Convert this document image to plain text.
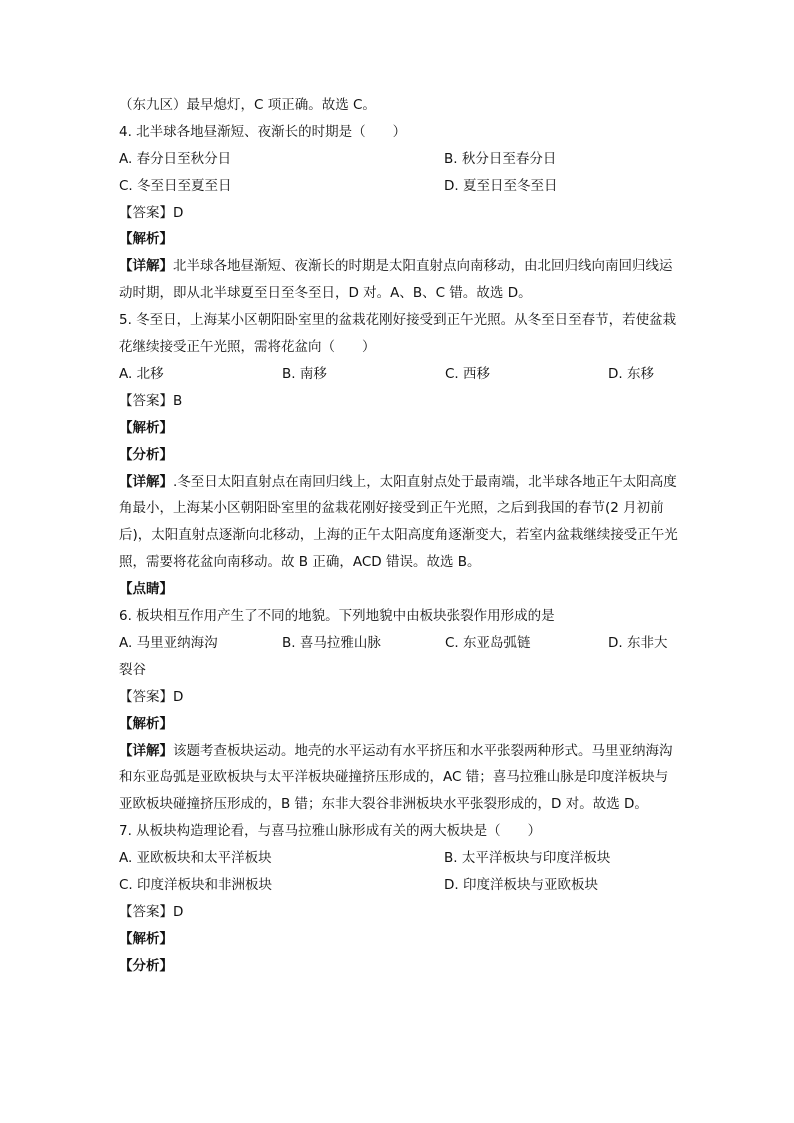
（东九区）最早熄灯，C 项正确。故选 C。
4. 北半球各地昼渐短、夜渐长的时期是（　　）
A. 春分日至秋分日	B. 秋分日至春分日
C. 冬至日至夏至日	D. 夏至日至冬至日
【答案】D
【解析】
【详解】北半球各地昼渐短、夜渐长的时期是太阳直射点向南移动，由北回归线向南回归线运动时期，即从北半球夏至日至冬至日，D 对。A、B、C 错。故选 D。
5. 冬至日，上海某小区朝阳卧室里的盆栽花刚好接受到正午光照。从冬至日至春节，若使盆栽花继续接受正午光照，需将花盆向（　　）
A. 北移	B. 南移	C. 西移	D. 东移
【答案】B
【解析】
【分析】
【详解】.冬至日太阳直射点在南回归线上，太阳直射点处于最南端，北半球各地正午太阳高度角最小，上海某小区朝阳卧室里的盆栽花刚好接受到正午光照，之后到我国的春节(2 月初前后)，太阳直射点逐渐向北移动，上海的正午太阳高度角逐渐变大，若室内盆栽继续接受正午光照，需要将花盆向南移动。故 B 正确，ACD 错误。故选 B。
【点睛】
6. 板块相互作用产生了不同的地貌。下列地貌中由板块张裂作用形成的是
A. 马里亚纳海沟	B. 喜马拉雅山脉	C. 东亚岛弧链	D. 东非大
裂谷
【答案】D
【解析】
【详解】该题考查板块运动。地壳的水平运动有水平挤压和水平张裂两种形式。马里亚纳海沟和东亚岛弧是亚欧板块与太平洋板块碰撞挤压形成的，AC 错；喜马拉雅山脉是印度洋板块与亚欧板块碰撞挤压形成的，B 错；东非大裂谷非洲板块水平张裂形成的，D 对。故选 D。
7. 从板块构造理论看，与喜马拉雅山脉形成有关的两大板块是（　　）
A. 亚欧板块和太平洋板块	B. 太平洋板块与印度洋板块
C. 印度洋板块和非洲板块	D. 印度洋板块与亚欧板块
【答案】D
【解析】
【分析】
